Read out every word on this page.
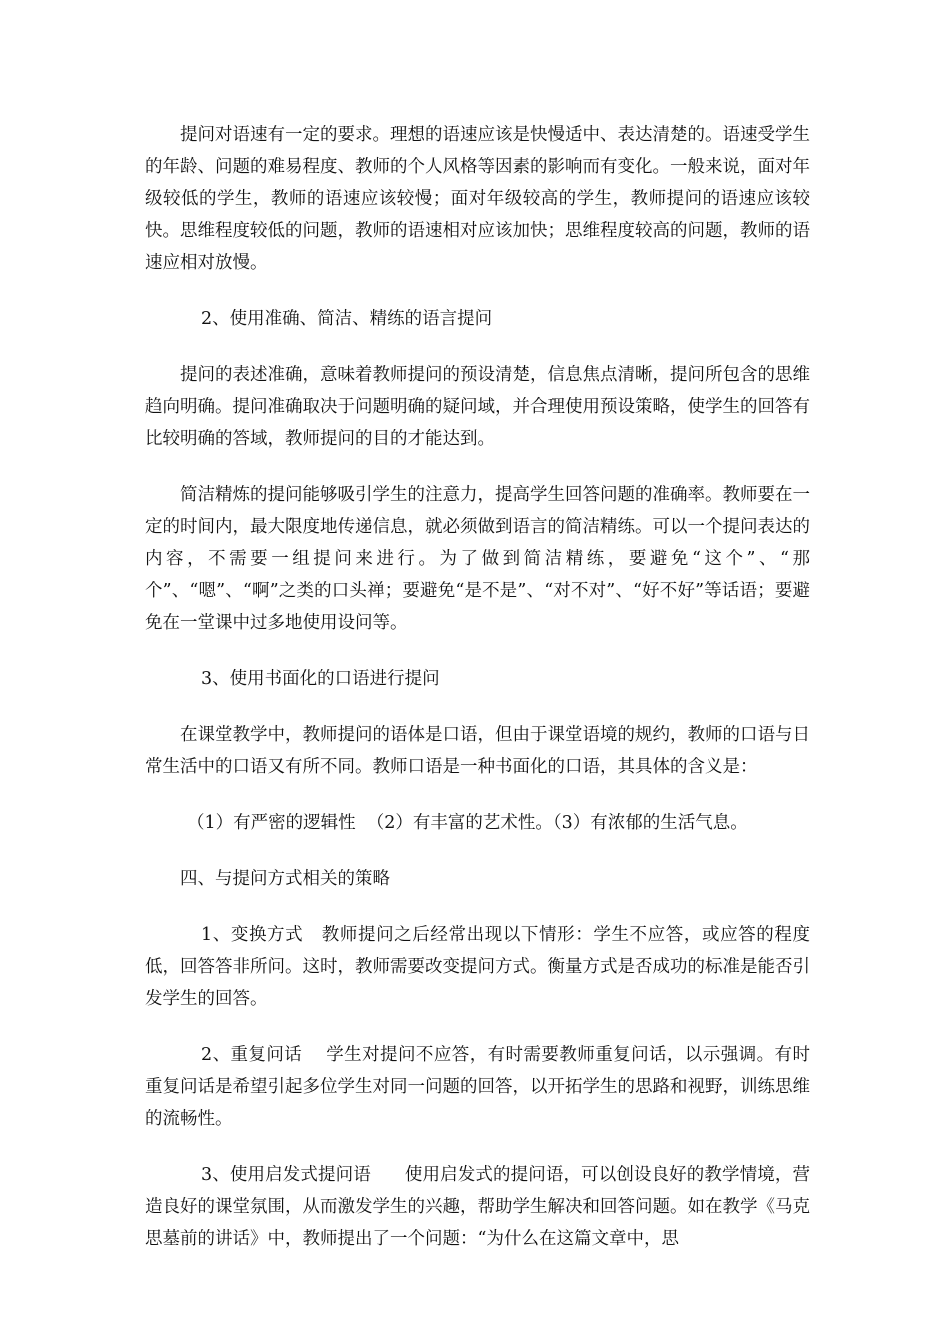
提问对语速有一定的要求。理想的语速应该是快慢适中、表达清楚的。语速受学生的年龄、问题的难易程度、教师的个人风格等因素的影响而有变化。一般来说，面对年级较低的学生，教师的语速应该较慢；面对年级较高的学生，教师提问的语速应该较快。思维程度较低的问题，教师的语速相对应该加快；思维程度较高的问题，教师的语速应相对放慢。

2、使用准确、简洁、精练的语言提问

提问的表述准确，意味着教师提问的预设清楚，信息焦点清晰，提问所包含的思维趋向明确。提问准确取决于问题明确的疑问域，并合理使用预设策略，使学生的回答有比较明确的答域，教师提问的目的才能达到。

简洁精炼的提问能够吸引学生的注意力，提高学生回答问题的准确率。教师要在一定的时间内，最大限度地传递信息，就必须做到语言的简洁精练。可以一个提问表达的内容，不需要一组提问来进行。为了做到简洁精练，要避免“这个”、“那个”、“嗯”、“啊”之类的口头禅；要避免“是不是”、“对不对”、“好不好”等话语；要避免在一堂课中过多地使用设问等。

3、使用书面化的口语进行提问

在课堂教学中，教师提问的语体是口语，但由于课堂语境的规约，教师的口语与日常生活中的口语又有所不同。教师口语是一种书面化的口语，其具体的含义是：

（1）有严密的逻辑性  （2）有丰富的艺术性。（3）有浓郁的生活气息。

四、与提问方式相关的策略

1、变换方式   教师提问之后经常出现以下情形：学生不应答，或应答的程度低，回答答非所问。这时，教师需要改变提问方式。衡量方式是否成功的标准是能否引发学生的回答。

2、重复问话    学生对提问不应答，有时需要教师重复问话，以示强调。有时重复问话是希望引起多位学生对同一问题的回答，以开拓学生的思路和视野，训练思维的流畅性。

3、使用启发式提问语      使用启发式的提问语，可以创设良好的教学情境，营造良好的课堂氛围，从而激发学生的兴趣，帮助学生解决和回答问题。如在教学《马克思墓前的讲话》中，教师提出了一个问题：“为什么在这篇文章中，思
